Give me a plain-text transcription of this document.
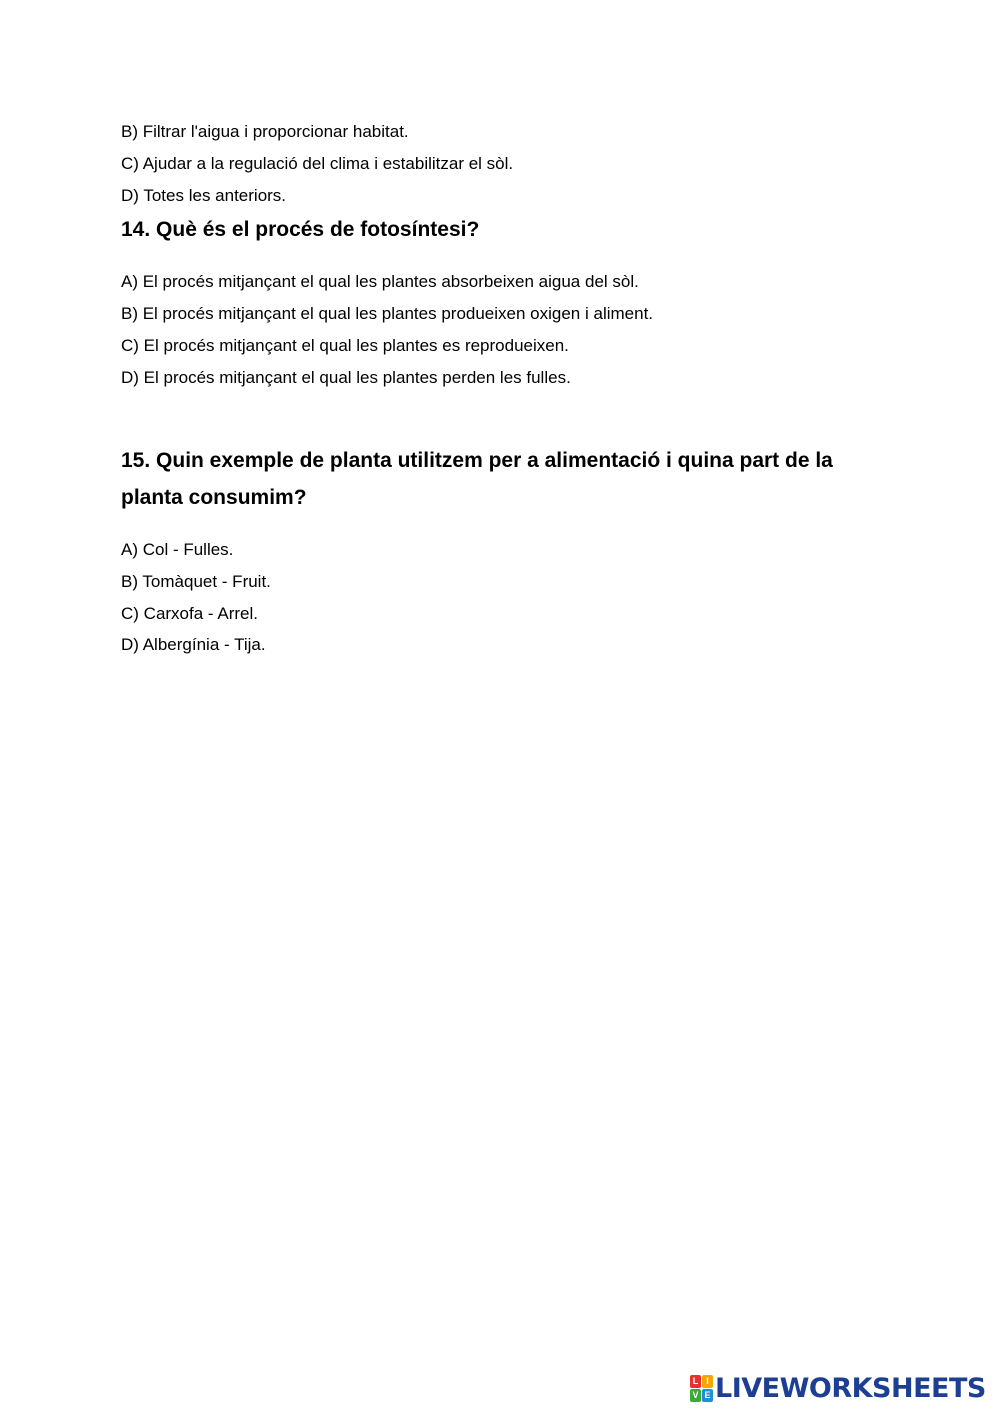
B) Filtrar l'aigua i proporcionar habitat.
C) Ajudar a la regulació del clima i estabilitzar el sòl.
D) Totes les anteriors.
14. Què és el procés de fotosíntesi?
A) El procés mitjançant el qual les plantes absorbeixen aigua del sòl.
B) El procés mitjançant el qual les plantes produeixen oxigen i aliment.
C) El procés mitjançant el qual les plantes es reprodueixen.
D) El procés mitjançant el qual les plantes perden les fulles.
15. Quin exemple de planta utilitzem per a alimentació i quina part de la planta consumim?
A) Col - Fulles.
B) Tomàquet - Fruit.
C) Carxofa - Arrel.
D) Albergínia - Tija.
L I
V E LIVEWORKSHEETS
